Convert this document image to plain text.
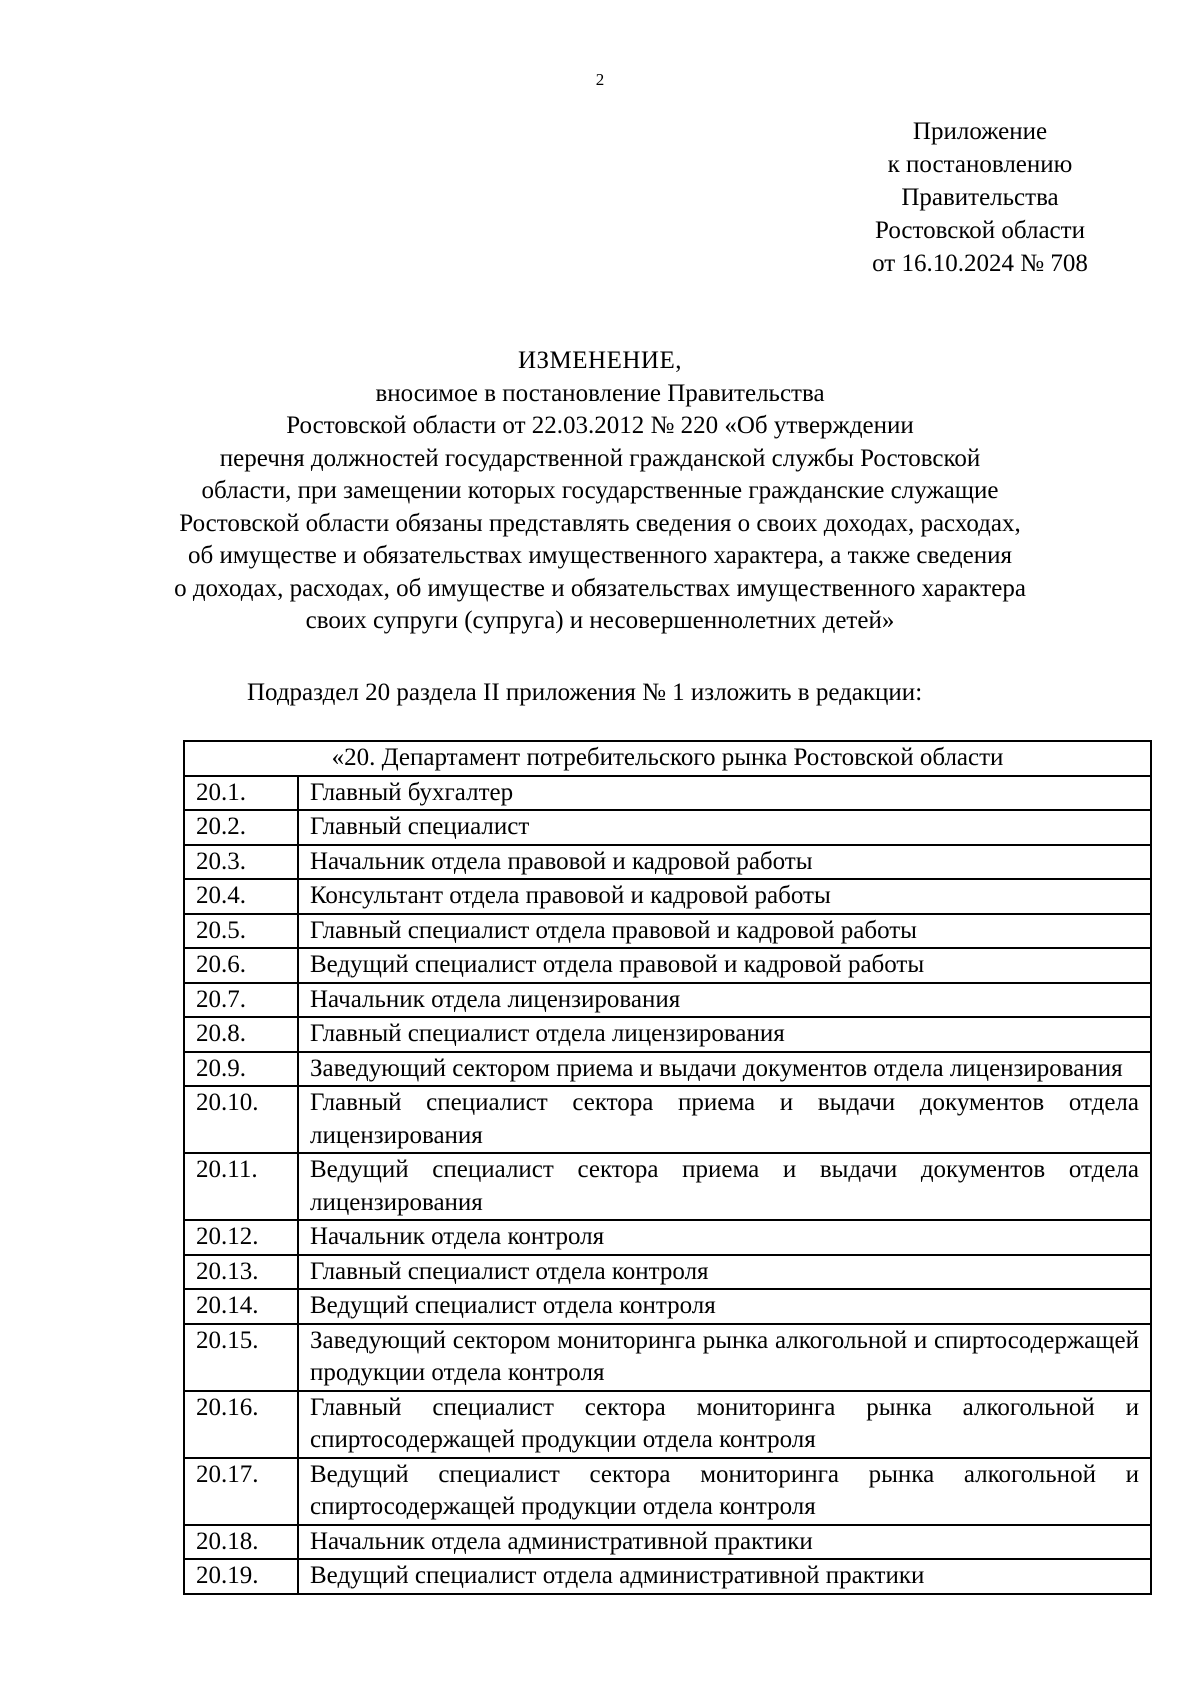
2
Приложение
к постановлению
Правительства
Ростовской области
от 16.10.2024 № 708
ИЗМЕНЕНИЕ,
вносимое в постановление Правительства
Ростовской области от 22.03.2012 № 220 «Об утверждении
перечня должностей государственной гражданской службы Ростовской
области, при замещении которых государственные гражданские служащие
Ростовской области обязаны представлять сведения о своих доходах, расходах,
об имуществе и обязательствах имущественного характера, а также сведения
о доходах, расходах, об имуществе и обязательствах имущественного характера
своих супруги (супруга) и несовершеннолетних детей»
Подраздел 20 раздела II приложения № 1 изложить в редакции:
«20. Департамент потребительского рынка Ростовской области	
20.1.	Главный бухгалтер
20.2.	Главный специалист
20.3.	Начальник отдела правовой и кадровой работы
20.4.	Консультант отдела правовой и кадровой работы
20.5.	Главный специалист отдела правовой и кадровой работы
20.6.	Ведущий специалист отдела правовой и кадровой работы
20.7.	Начальник отдела лицензирования
20.8.	Главный специалист отдела лицензирования
20.9.	Заведующий сектором приема и выдачи документов отдела лицензирования
20.10.	Главный специалист сектора приема и выдачи документов отдела лицензирования
20.11.	Ведущий специалист сектора приема и выдачи документов отдела лицензирования
20.12.	Начальник отдела контроля
20.13.	Главный специалист отдела контроля
20.14.	Ведущий специалист отдела контроля
20.15.	Заведующий сектором мониторинга рынка алкогольной и спиртосодержащей продукции отдела контроля
20.16.	Главный специалист сектора мониторинга рынка алкогольной и спиртосодержащей продукции отдела контроля
20.17.	Ведущий специалист сектора мониторинга рынка алкогольной и спиртосодержащей продукции отдела контроля
20.18.	Начальник отдела административной практики
20.19.	Ведущий специалист отдела административной практики
